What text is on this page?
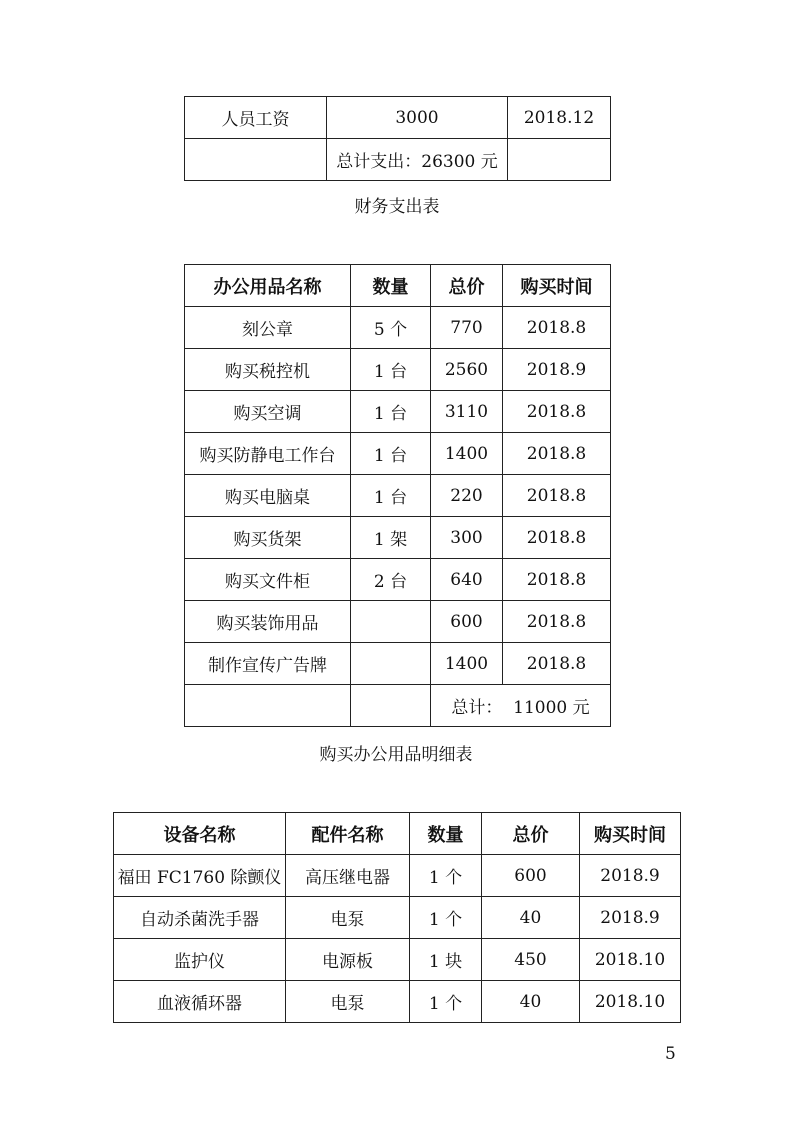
人员工资	3000	2018.12
	总计支出：26300 元	
财务支出表
办公用品名称	数量	总价	购买时间
刻公章	5 个	770	2018.8
购买税控机	1 台	2560	2018.9
购买空调	1 台	3110	2018.8
购买防静电工作台	1 台	1400	2018.8
购买电脑桌	1 台	220	2018.8
购买货架	1 架	300	2018.8
购买文件柜	2 台	640	2018.8
购买装饰用品		600	2018.8
制作宣传广告牌		1400	2018.8
		总计：  11000 元	
购买办公用品明细表
设备名称	配件名称	数量	总价	购买时间
福田 FC1760 除颤仪	高压继电器	1 个	600	2018.9
自动杀菌洗手器	电泵	1 个	40	2018.9
监护仪	电源板	1 块	450	2018.10
血液循环器	电泵	1 个	40	2018.10
5
